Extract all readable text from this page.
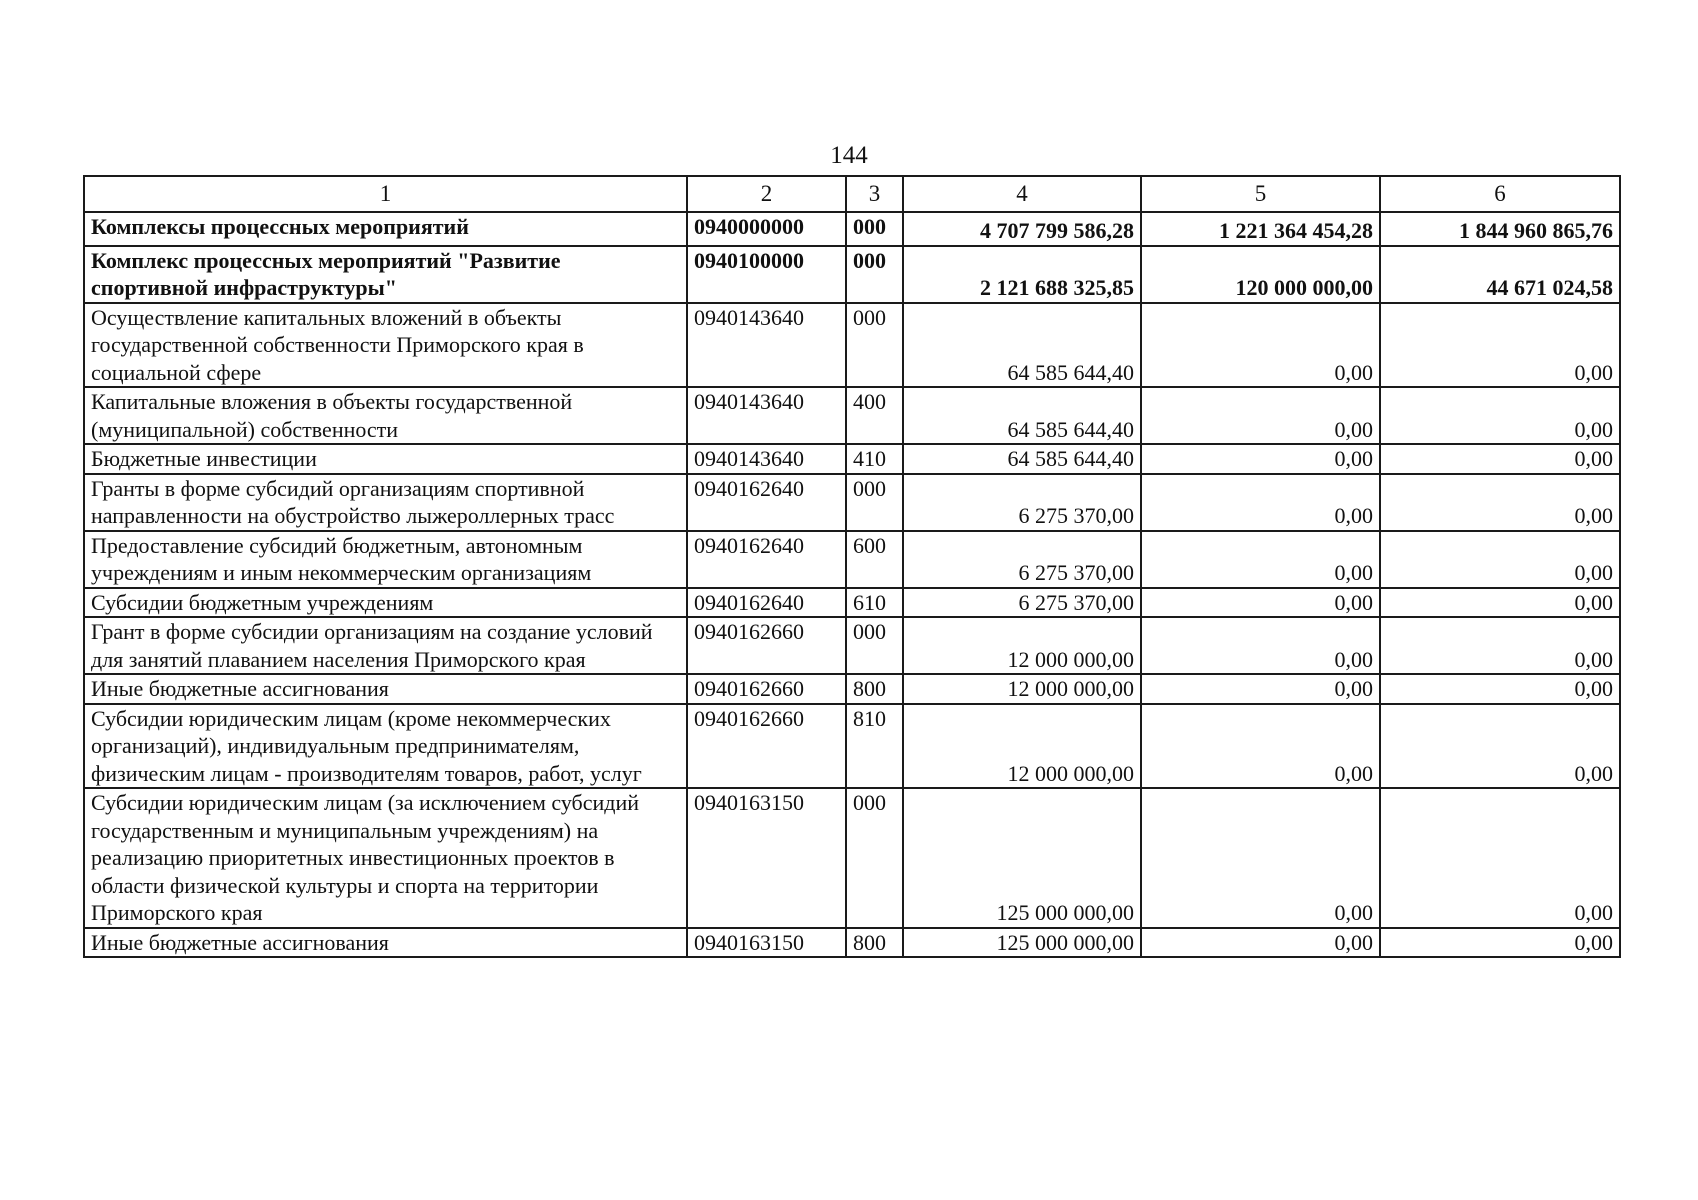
144
1	2	3	4	5	6
Комплексы процессных мероприятий	0940000000	000	4 707 799 586,28	1 221 364 454,28	1 844 960 865,76
Комплекс процессных мероприятий "Развитие спортивной инфраструктуры"	0940100000	000	2 121 688 325,85	120 000 000,00	44 671 024,58
Осуществление капитальных вложений в объекты государственной собственности Приморского края в социальной сфере	0940143640	000	64 585 644,40	0,00	0,00
Капитальные вложения в объекты государственной (муниципальной) собственности	0940143640	400	64 585 644,40	0,00	0,00
Бюджетные инвестиции	0940143640	410	64 585 644,40	0,00	0,00
Гранты в форме субсидий организациям спортивной направленности на обустройство лыжероллерных трасс	0940162640	000	6 275 370,00	0,00	0,00
Предоставление субсидий бюджетным, автономным учреждениям и иным некоммерческим организациям	0940162640	600	6 275 370,00	0,00	0,00
Субсидии бюджетным учреждениям	0940162640	610	6 275 370,00	0,00	0,00
Грант в форме субсидии организациям на создание условий для занятий плаванием населения Приморского края	0940162660	000	12 000 000,00	0,00	0,00
Иные бюджетные ассигнования	0940162660	800	12 000 000,00	0,00	0,00
Субсидии юридическим лицам (кроме некоммерческих организаций), индивидуальным предпринимателям, физическим лицам - производителям товаров, работ, услуг	0940162660	810	12 000 000,00	0,00	0,00
Субсидии юридическим лицам (за исключением субсидий государственным и муниципальным учреждениям) на реализацию приоритетных инвестиционных проектов в области физической культуры и спорта на территории Приморского края	0940163150	000	125 000 000,00	0,00	0,00
Иные бюджетные ассигнования	0940163150	800	125 000 000,00	0,00	0,00
